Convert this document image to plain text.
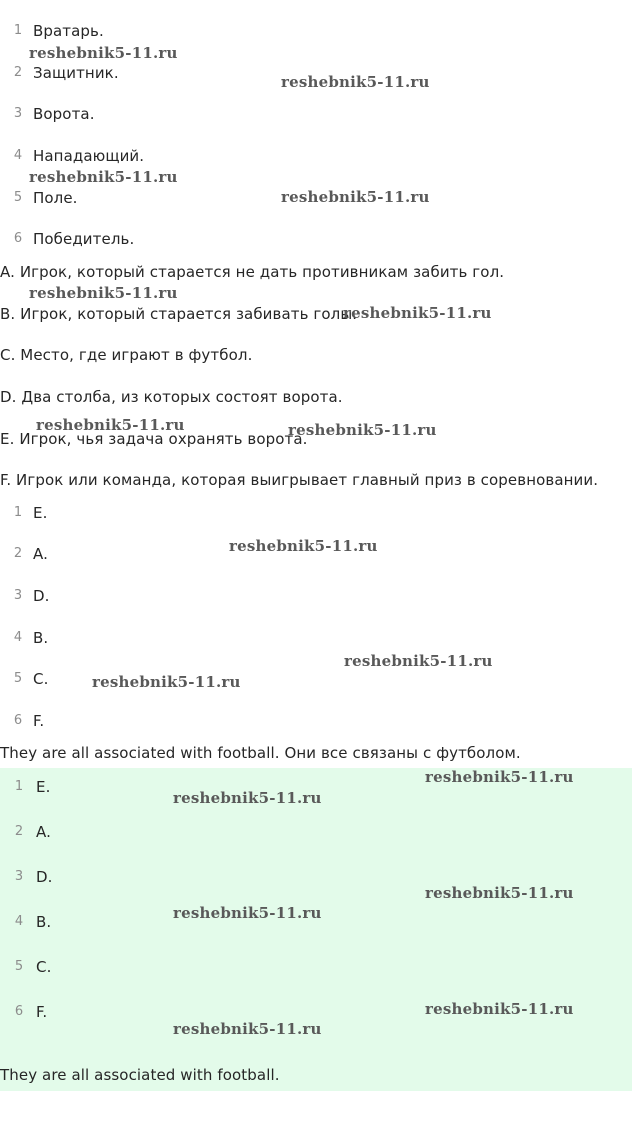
1 Вратарь.
2 Защитник.
3 Ворота.
4 Нападающий.
5 Поле.
6 Победитель.
A. Игрок, который старается не дать противникам забить гол.
B. Игрок, который старается забивать голы.
C. Место, где играют в футбол.
D. Два столба, из которых состоят ворота.
E. Игрок, чья задача охранять ворота.
F. Игрок или команда, которая выигрывает главный приз в соревновании.
1 E.
2 A.
3 D.
4 B.
5 C.
6 F.
They are all associated with football. Они все связаны с футболом.
1 E.
2 A.
3 D.
4 B.
5 C.
6 F.
They are all associated with football.
reshebnik5-11.ru
reshebnik5-11.ru
reshebnik5-11.ru
reshebnik5-11.ru
reshebnik5-11.ru
reshebnik5-11.ru
reshebnik5-11.ru	reshebnik5-11.ru
reshebnik5-11.ru
reshebnik5-11.ru
reshebnik5-11.ru
reshebnik5-11.ru
reshebnik5-11.ru
reshebnik5-11.ru
reshebnik5-11.ru
reshebnik5-11.ru
reshebnik5-11.ru
